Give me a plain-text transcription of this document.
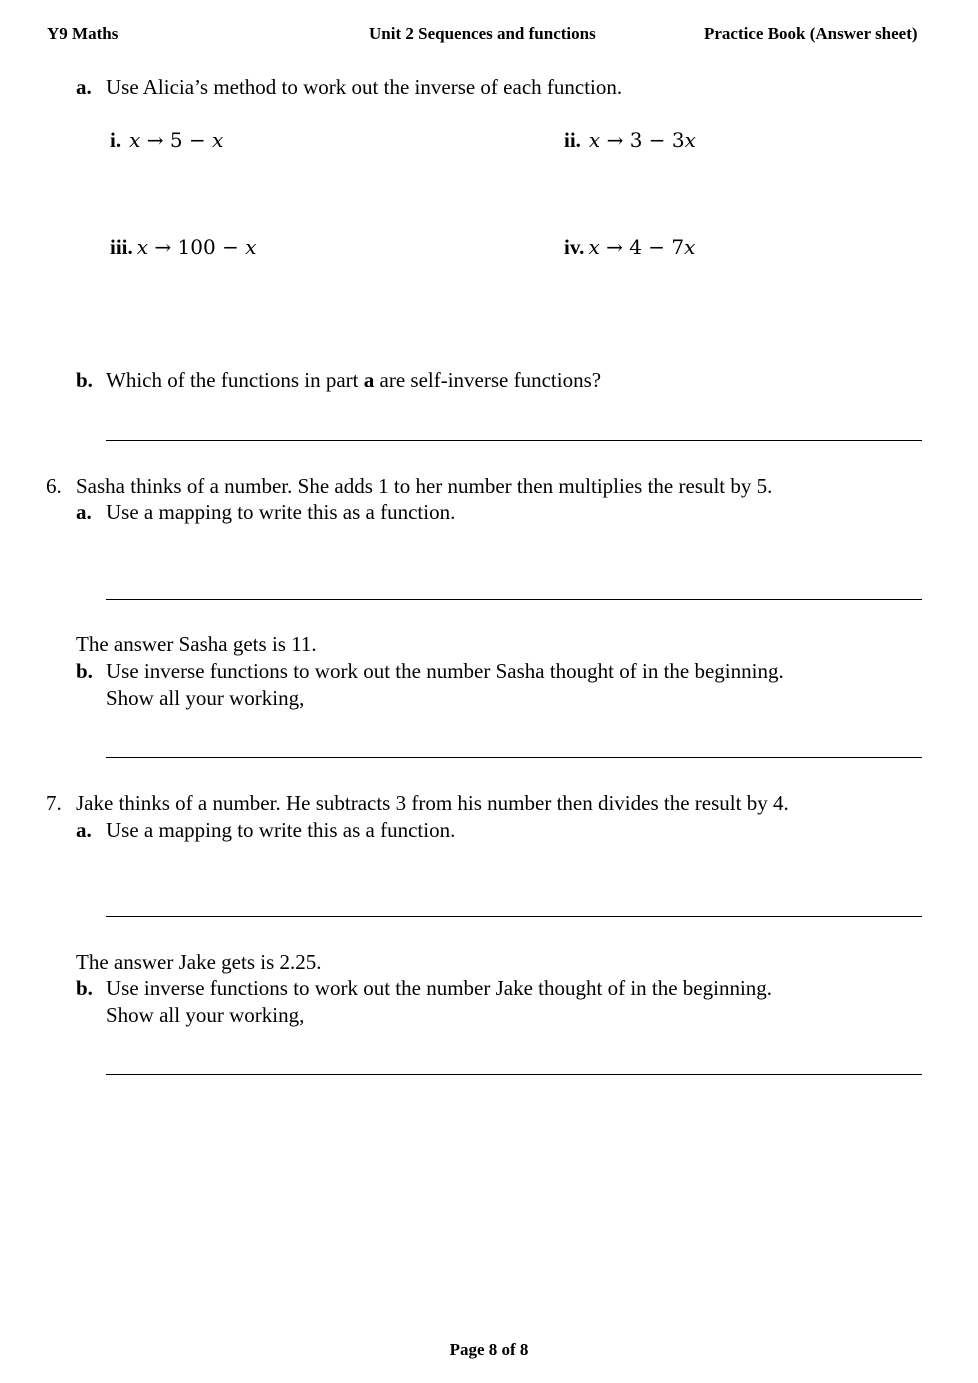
Y9 Maths	Unit 2 Sequences and functions	Practice Book (Answer sheet)
a. Use Alicia’s method to work out the inverse of each function.
i. x → 5 − x	ii. x → 3 − 3x
iii. x → 100 − x	iv. x → 4 − 7x
b. Which of the functions in part a are self-inverse functions?
6. Sasha thinks of a number. She adds 1 to her number then multiplies the result by 5.
a. Use a mapping to write this as a function.
The answer Sasha gets is 11.
b. Use inverse functions to work out the number Sasha thought of in the beginning.
Show all your working,
7. Jake thinks of a number. He subtracts 3 from his number then divides the result by 4.
a. Use a mapping to write this as a function.
The answer Jake gets is 2.25.
b. Use inverse functions to work out the number Jake thought of in the beginning.
Show all your working,
Page 8 of 8
